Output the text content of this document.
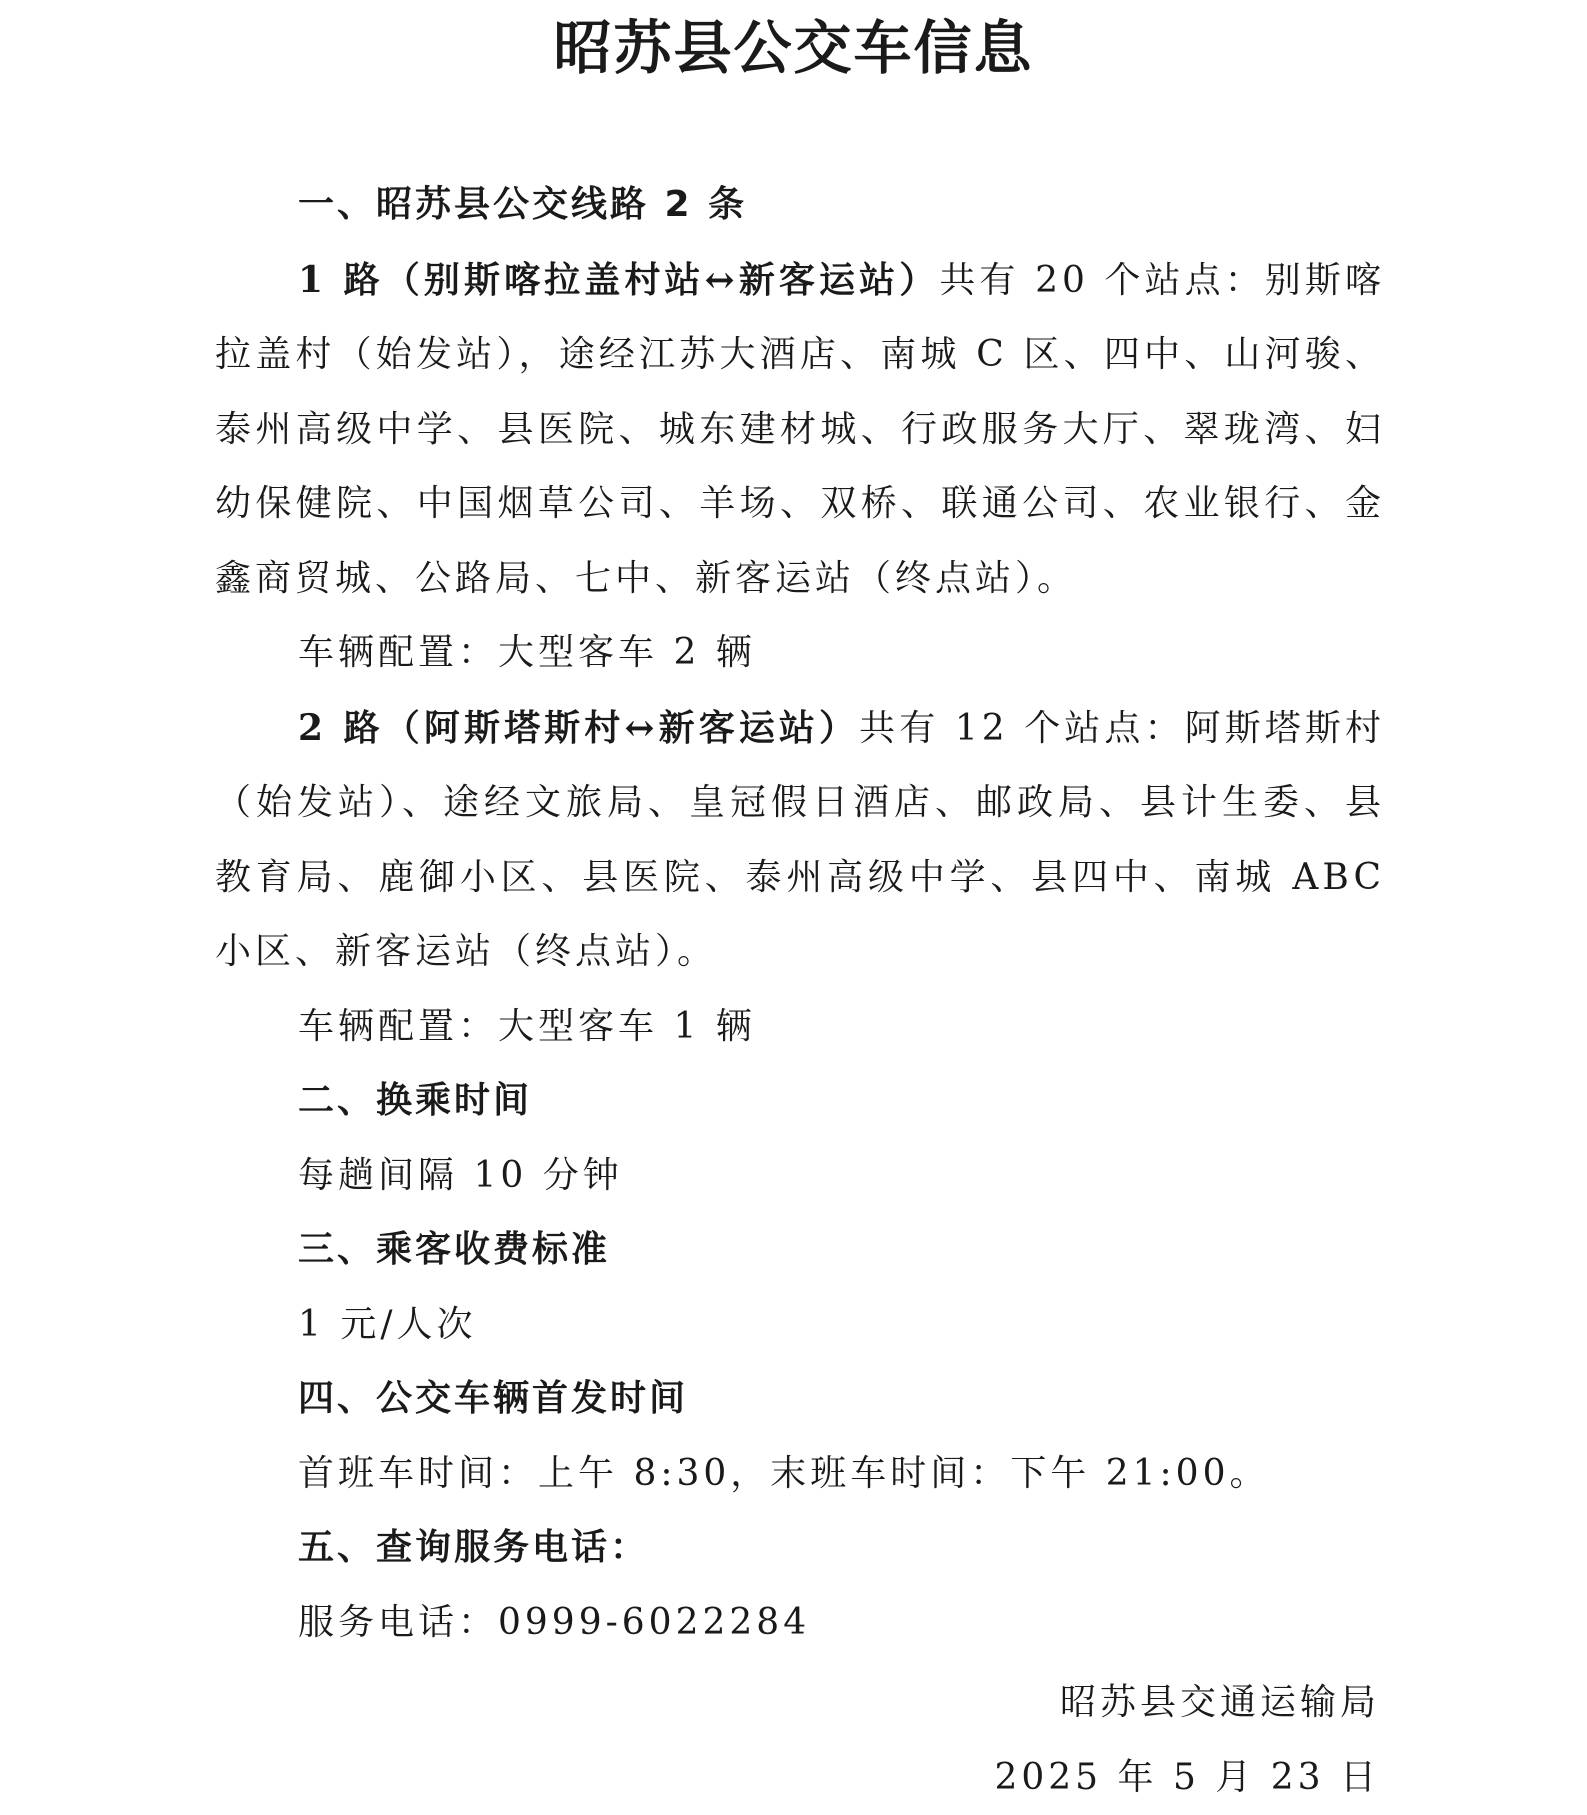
昭苏县公交车信息

一、昭苏县公交线路 2 条

1 路（别斯喀拉盖村站↔新客运站）共有 20 个站点：别斯喀拉盖村（始发站），途经江苏大酒店、南城 C 区、四中、山河骏、泰州高级中学、县医院、城东建材城、行政服务大厅、翠珑湾、妇幼保健院、中国烟草公司、羊场、双桥、联通公司、农业银行、金鑫商贸城、公路局、七中、新客运站（终点站）。

车辆配置：大型客车 2 辆

2 路（阿斯塔斯村↔新客运站）共有 12 个站点：阿斯塔斯村（始发站）、途经文旅局、皇冠假日酒店、邮政局、县计生委、县教育局、鹿御小区、县医院、泰州高级中学、县四中、南城 ABC 小区、新客运站（终点站）。

车辆配置：大型客车 1 辆

二、换乘时间

每趟间隔 10 分钟

三、乘客收费标准

1 元/人次

四、公交车辆首发时间

首班车时间：上午 8:30，末班车时间：下午 21:00。

五、查询服务电话：

服务电话：0999-6022284

昭苏县交通运输局

2025 年 5 月 23 日
